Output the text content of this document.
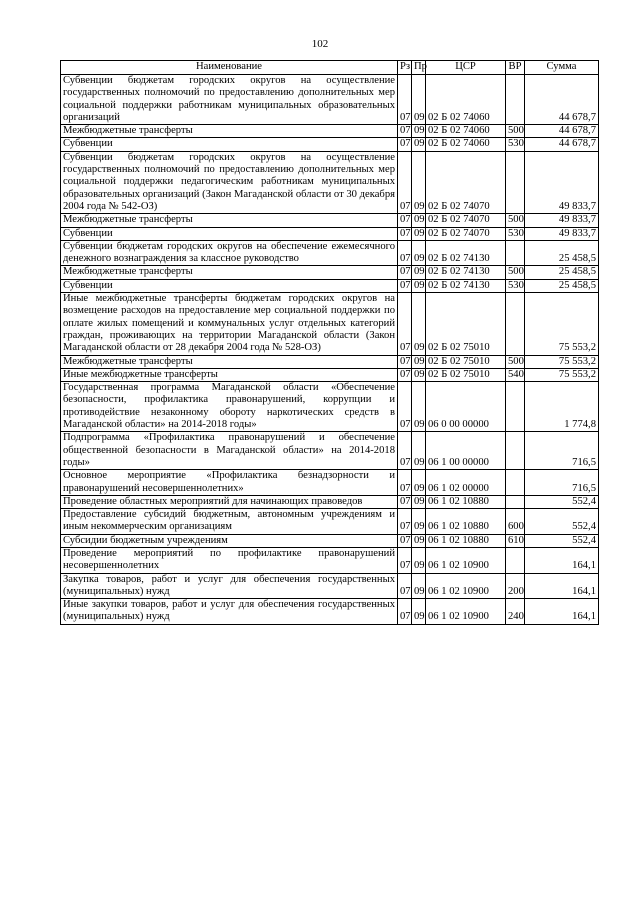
102
Наименование	Рз	Пр	ЦСР	ВР	Сумма
Субвенции бюджетам городских округов на осуществление государственных полномочий по предоставлению дополнительных мер социальной поддержки работникам муниципальных образовательных организаций	07	09	02 Б 02 74060		44 678,7
Межбюджетные трансферты	07	09	02 Б 02 74060	500	44 678,7
Субвенции	07	09	02 Б 02 74060	530	44 678,7
Субвенции бюджетам городских округов на осуществление государственных полномочий по предоставлению дополнительных мер социальной поддержки педагогическим работникам муниципальных образовательных организаций (Закон Магаданской области от 30 декабря 2004 года № 542-ОЗ)	07	09	02 Б 02 74070		49 833,7
Межбюджетные трансферты	07	09	02 Б 02 74070	500	49 833,7
Субвенции	07	09	02 Б 02 74070	530	49 833,7
Субвенции бюджетам городских округов на обеспечение ежемесячного денежного вознаграждения за классное руководство	07	09	02 Б 02 74130		25 458,5
Межбюджетные трансферты	07	09	02 Б 02 74130	500	25 458,5
Субвенции	07	09	02 Б 02 74130	530	25 458,5
Иные межбюджетные трансферты бюджетам городских округов на возмещение расходов на предоставление мер социальной поддержки по оплате жилых помещений и коммунальных услуг отдельных категорий граждан, проживающих на территории Магаданской области (Закон Магаданской области от 28 декабря 2004 года № 528-ОЗ)	07	09	02 Б 02 75010		75 553,2
Межбюджетные трансферты	07	09	02 Б 02 75010	500	75 553,2
Иные межбюджетные трансферты	07	09	02 Б 02 75010	540	75 553,2
Государственная программа Магаданской области «Обеспечение безопасности, профилактика правонарушений, коррупции и противодействие незаконному обороту наркотических средств в Магаданской области» на 2014-2018 годы»	07	09	06 0 00 00000		1 774,8
Подпрограмма «Профилактика правонарушений и обеспечение общественной безопасности в Магаданской области» на 2014-2018 годы»	07	09	06 1 00 00000		716,5
Основное мероприятие «Профилактика безнадзорности и правонарушений несовершеннолетних»	07	09	06 1 02 00000		716,5
Проведение областных мероприятий для начинающих правоведов	07	09	06 1 02 10880		552,4
Предоставление субсидий бюджетным, автономным учреждениям и иным некоммерческим организациям	07	09	06 1 02 10880	600	552,4
Субсидии бюджетным учреждениям	07	09	06 1 02 10880	610	552,4
Проведение мероприятий по профилактике правонарушений несовершеннолетних	07	09	06 1 02 10900		164,1
Закупка товаров, работ и услуг для обеспечения государственных (муниципальных) нужд	07	09	06 1 02 10900	200	164,1
Иные закупки товаров, работ и услуг для обеспечения государственных (муниципальных) нужд	07	09	06 1 02 10900	240	164,1
